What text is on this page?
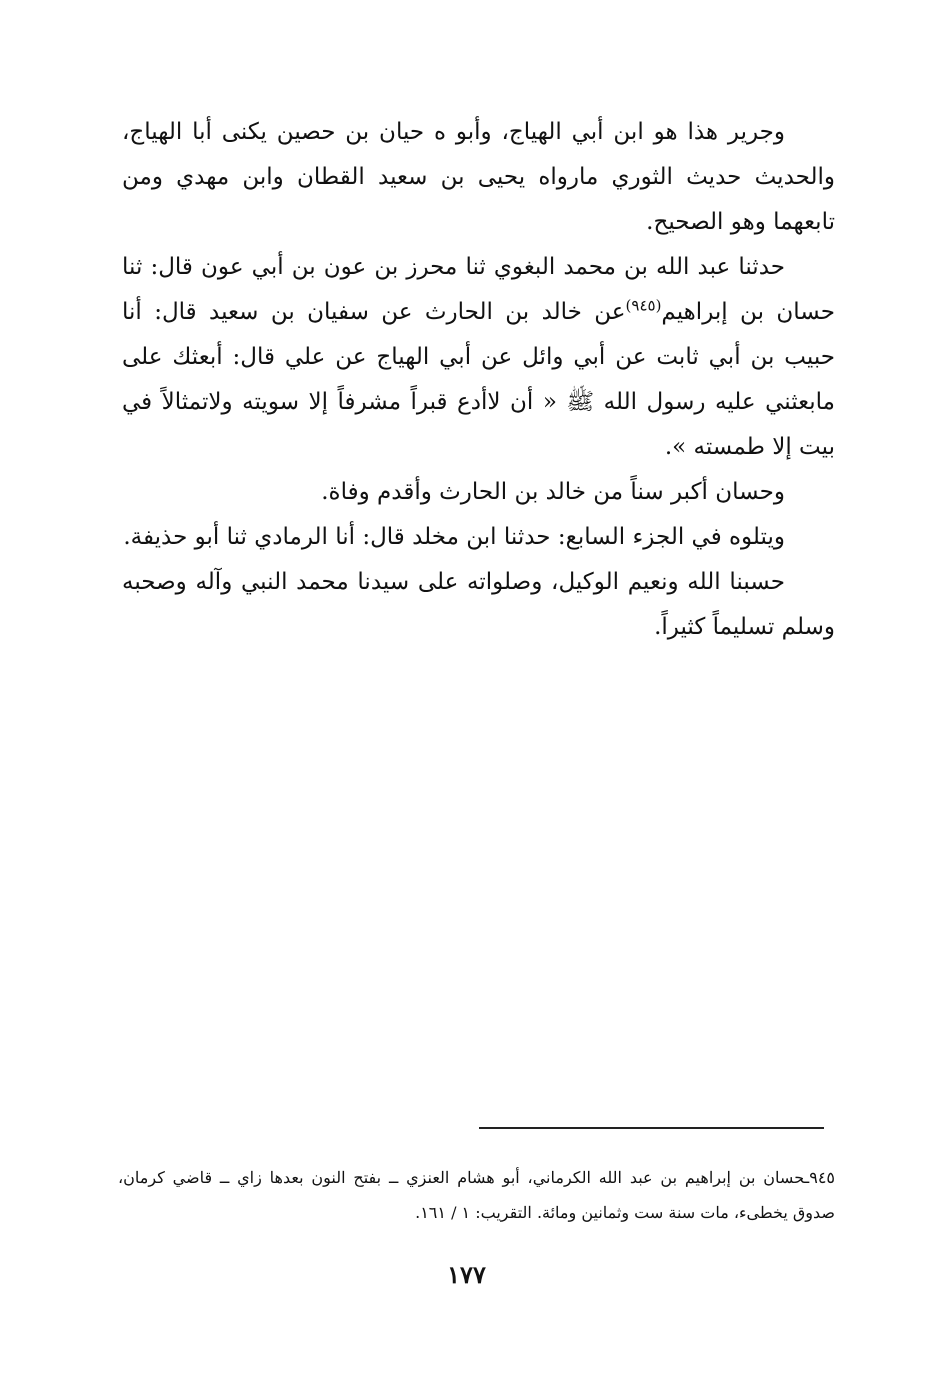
وجرير هذا هو ابن أبي الهياج، وأبو ه حيان بن حصين يكنى أبا الهياج، والحديث حديث الثوري مارواه يحيى بن سعيد القطان وابن مهدي ومن تابعهما وهو الصحيح.

حدثنا عبد الله بن محمد البغوي ثنا محرز بن عون بن أبي عون قال: ثنا حسان بن إبراهيم$^{(٩٤٥)}$عن خالد بن الحارث عن سفيان بن سعيد قال: أنا حبيب بن أبي ثابت عن أبي وائل عن أبي الهياج عن علي قال: أبعثك على مابعثني عليه رسول الله ﷺ « أن لاأدع قبراً مشرفاً إلا سويته ولاتمثالاً في بيت إلا طمسته ».

وحسان أكبر سناً من خالد بن الحارث وأقدم وفاة.

ويتلوه في الجزء السابع: حدثنا ابن مخلد قال: أنا الرمادي ثنا أبو حذيفة.

حسبنا الله ونعيم الوكيل، وصلواته على سيدنا محمد النبي وآله وصحبه وسلم تسليماً كثيراً.

٩٤٥ـحسان بن إبراهيم بن عبد الله الكرماني، أبو هشام العنزي ــ بفتح النون بعدها زاي ــ قاضي كرمان، صدوق يخطىء، مات سنة ست وثمانين ومائة. التقريب: ١ / ١٦١.

١٧٧
